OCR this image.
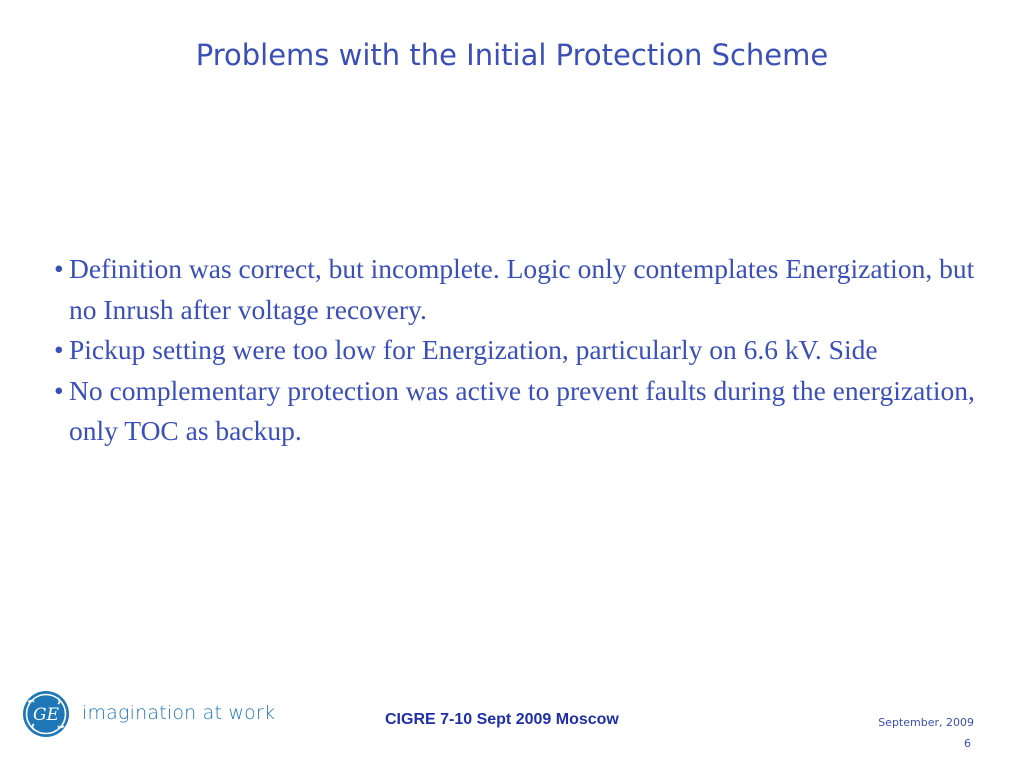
Problems with the Initial Protection Scheme
• Definition was correct, but incomplete. Logic only contemplates Energization, but no Inrush after voltage recovery.
• Pickup setting were too low for Energization, particularly on 6.6 kV. Side
• No complementary protection was active to prevent faults during the energization, only TOC as backup.
GE imagination at work	CIGRE 7-10 Sept 2009 Moscow	September, 2009
6
